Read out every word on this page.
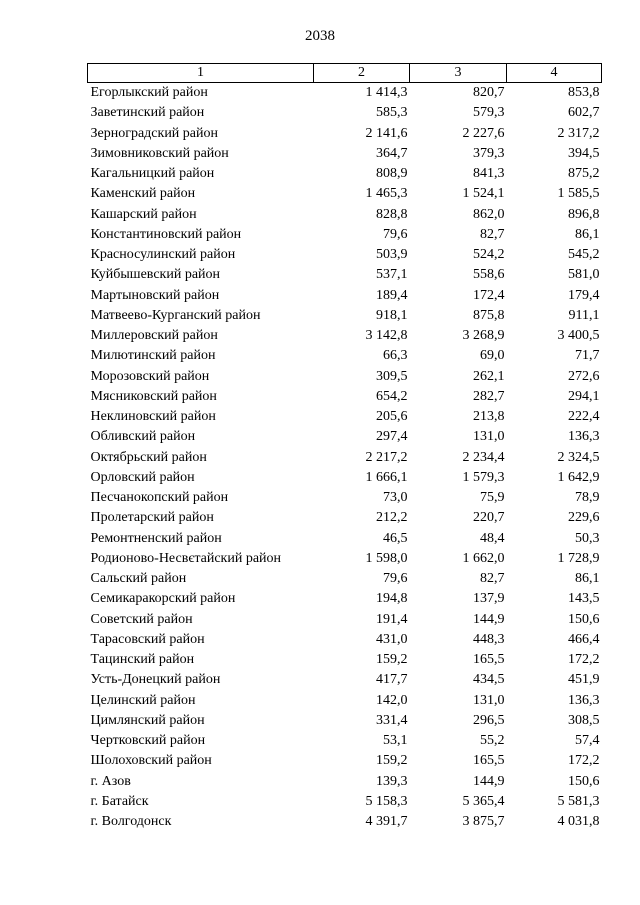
2038
1	2	3	4
Егорлыкский район	1 414,3	820,7	853,8
Заветинский район	585,3	579,3	602,7
Зерноградский район	2 141,6	2 227,6	2 317,2
Зимовниковский район	364,7	379,3	394,5
Кагальницкий район	808,9	841,3	875,2
Каменский район	1 465,3	1 524,1	1 585,5
Кашарский район	828,8	862,0	896,8
Константиновский район	79,6	82,7	86,1
Красносулинский район	503,9	524,2	545,2
Куйбышевский район	537,1	558,6	581,0
Мартыновский район	189,4	172,4	179,4
Матвеево-Курганский район	918,1	875,8	911,1
Миллеровский район	3 142,8	3 268,9	3 400,5
Милютинский район	66,3	69,0	71,7
Морозовский район	309,5	262,1	272,6
Мясниковский район	654,2	282,7	294,1
Неклиновский район	205,6	213,8	222,4
Обливский район	297,4	131,0	136,3
Октябрьский район	2 217,2	2 234,4	2 324,5
Орловский район	1 666,1	1 579,3	1 642,9
Песчанокопский район	73,0	75,9	78,9
Пролетарский район	212,2	220,7	229,6
Ремонтненский район	46,5	48,4	50,3
Родионово-Несвєтайский район	1 598,0	1 662,0	1 728,9
Сальский район	79,6	82,7	86,1
Семикаракорский район	194,8	137,9	143,5
Советский район	191,4	144,9	150,6
Тарасовский район	431,0	448,3	466,4
Тацинский район	159,2	165,5	172,2
Усть-Донецкий район	417,7	434,5	451,9
Целинский район	142,0	131,0	136,3
Цимлянский район	331,4	296,5	308,5
Чертковский район	53,1	55,2	57,4
Шолоховский район	159,2	165,5	172,2
г. Азов	139,3	144,9	150,6
г. Батайск	5 158,3	5 365,4	5 581,3
г. Волгодонск	4 391,7	3 875,7	4 031,8
